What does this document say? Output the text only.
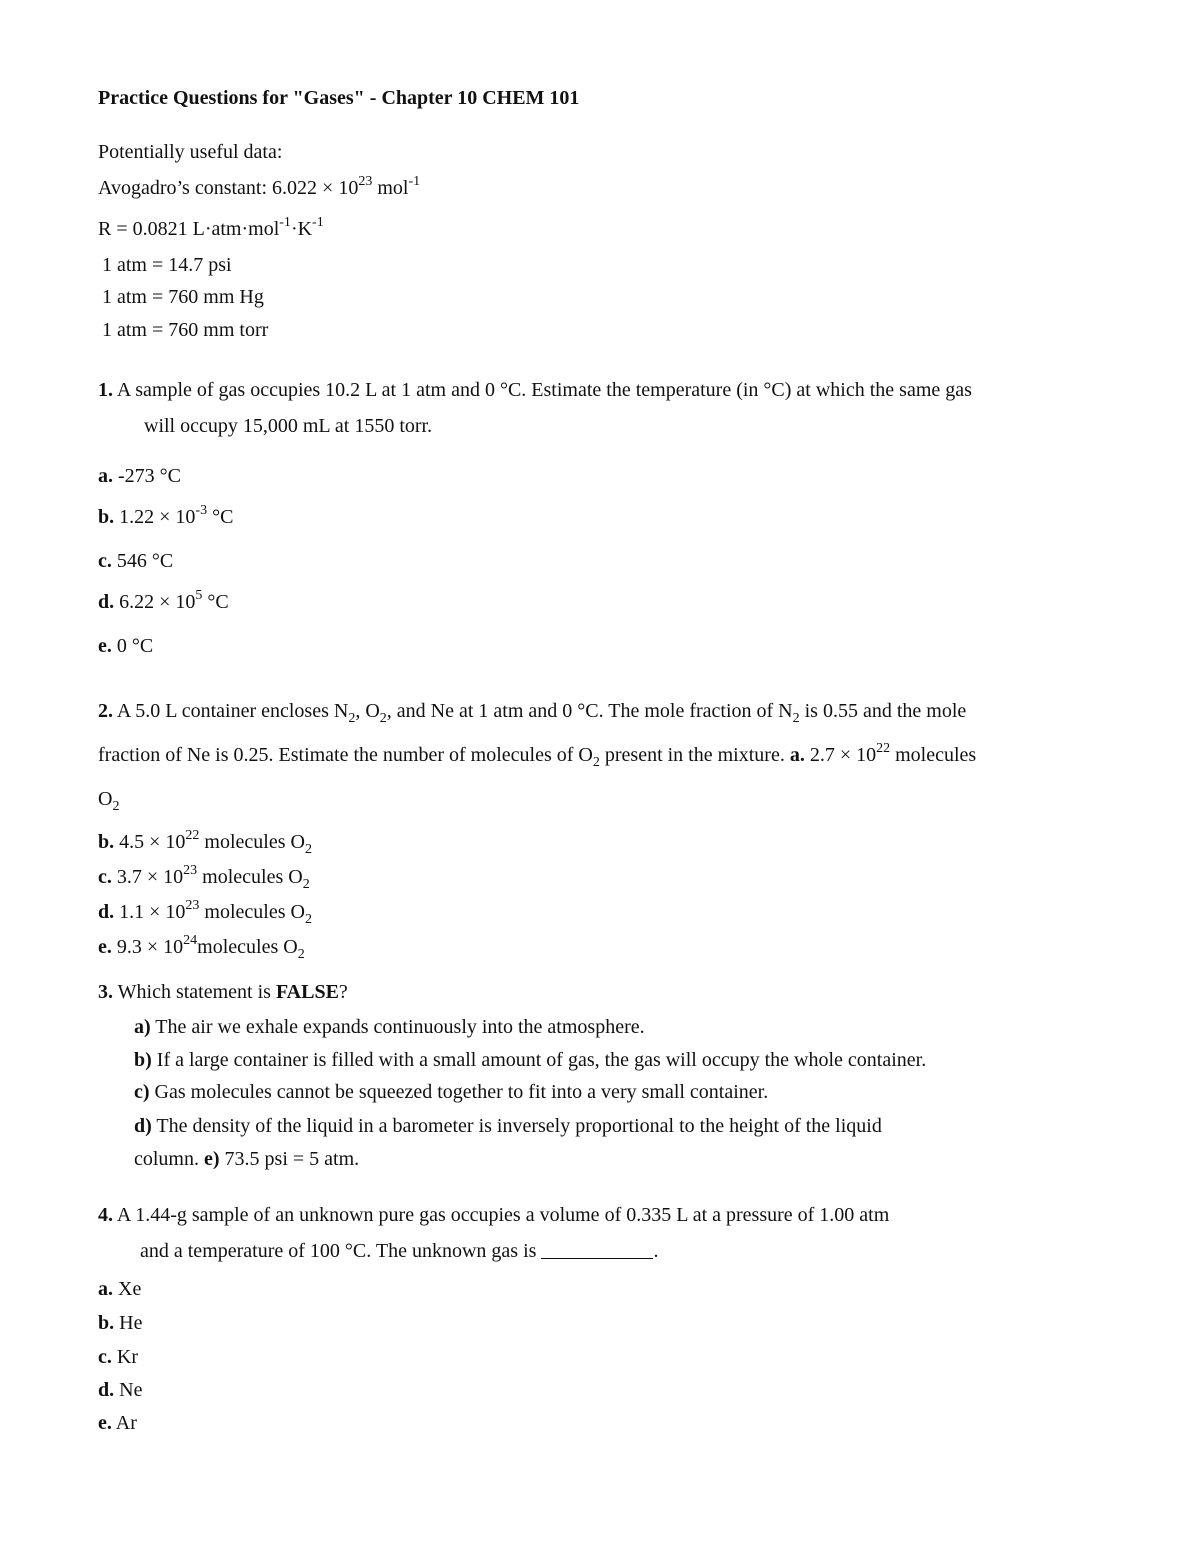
Practice Questions for "Gases" - Chapter 10 CHEM 101
Potentially useful data:
Avogadro’s constant: $6.022 \times 10^{23}$ mol$^{-1}$
R = 0.0821 $L\cdot atm\cdot mol^{-1}\cdot K^{-1}$
1 atm = 14.7 psi
1 atm = 760 mm Hg
1 atm = 760 mm torr
1. A sample of gas occupies 10.2 L at 1 atm and 0 °C. Estimate the temperature (in °C) at which the same gas
will occupy 15,000 mL at 1550 torr.
a. -273 °C
b. $1.22 \times 10^{-3}$ °C
c. 546 °C
d. $6.22 \times 10^5$ °C
e. 0 °C
2. A 5.0 L container encloses $N_2$, $O_2$, and Ne at 1 atm and 0 °C. The mole fraction of $N_2$ is 0.55 and the mole
fraction of Ne is 0.25. Estimate the number of molecules of $O_2$ present in the mixture. a. $2.7 \times 10^{22}$ molecules
$O_2$
b. $4.5 \times 10^{22}$ molecules $O_2$
c. $3.7 \times 10^{23}$ molecules $O_2$
d. $1.1 \times 10^{23}$ molecules $O_2$
e. $9.3 \times 10^{24}molecules$ $O_2$
3. Which statement is FALSE?
a) The air we exhale expands continuously into the atmosphere.
b) If a large container is filled with a small amount of gas, the gas will occupy the whole container.
c) Gas molecules cannot be squeezed together to fit into a very small container.
d) The density of the liquid in a barometer is inversely proportional to the height of the liquid
column. e) 73.5 psi = 5 atm.
4. A 1.44-g sample of an unknown pure gas occupies a volume of 0.335 L at a pressure of 1.00 atm
and a temperature of 100 °C. The unknown gas is	.
a. Xe
b. He
c. Kr
d. Ne
e. Ar
